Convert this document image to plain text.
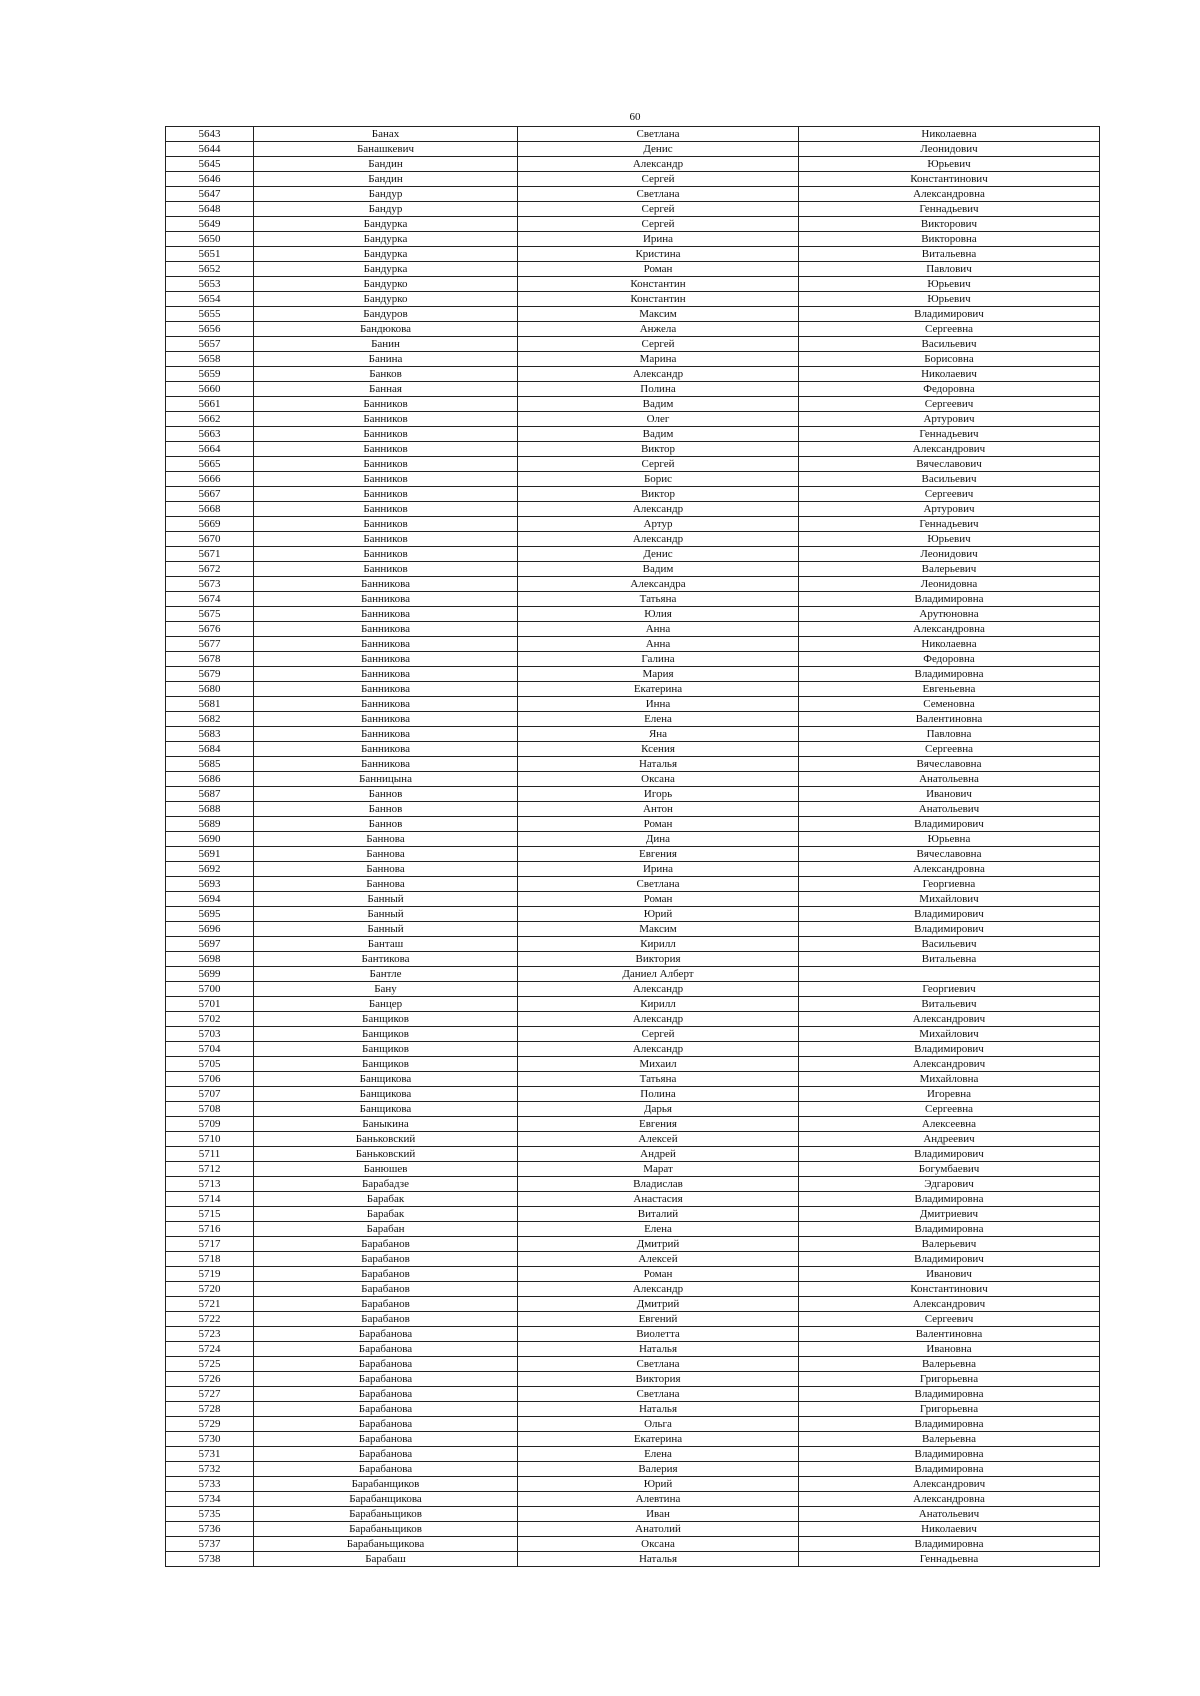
60
5643	Банах	Светлана	Николаевна
5644	Банашкевич	Денис	Леонидович
5645	Бандин	Александр	Юрьевич
5646	Бандин	Сергей	Константинович
5647	Бандур	Светлана	Александровна
5648	Бандур	Сергей	Геннадьевич
5649	Бандурка	Сергей	Викторович
5650	Бандурка	Ирина	Викторовна
5651	Бандурка	Кристина	Витальевна
5652	Бандурка	Роман	Павлович
5653	Бандурко	Константин	Юрьевич
5654	Бандурко	Константин	Юрьевич
5655	Бандуров	Максим	Владимирович
5656	Бандюкова	Анжела	Сергеевна
5657	Банин	Сергей	Васильевич
5658	Банина	Марина	Борисовна
5659	Банков	Александр	Николаевич
5660	Банная	Полина	Федоровна
5661	Банников	Вадим	Сергеевич
5662	Банников	Олег	Артурович
5663	Банников	Вадим	Геннадьевич
5664	Банников	Виктор	Александрович
5665	Банников	Сергей	Вячеславович
5666	Банников	Борис	Васильевич
5667	Банников	Виктор	Сергеевич
5668	Банников	Александр	Артурович
5669	Банников	Артур	Геннадьевич
5670	Банников	Александр	Юрьевич
5671	Банников	Денис	Леонидович
5672	Банников	Вадим	Валерьевич
5673	Банникова	Александра	Леонидовна
5674	Банникова	Татьяна	Владимировна
5675	Банникова	Юлия	Арутюновна
5676	Банникова	Анна	Александровна
5677	Банникова	Анна	Николаевна
5678	Банникова	Галина	Федоровна
5679	Банникова	Мария	Владимировна
5680	Банникова	Екатерина	Евгеньевна
5681	Банникова	Инна	Семеновна
5682	Банникова	Елена	Валентиновна
5683	Банникова	Яна	Павловна
5684	Банникова	Ксения	Сергеевна
5685	Банникова	Наталья	Вячеславовна
5686	Банницына	Оксана	Анатольевна
5687	Баннов	Игорь	Иванович
5688	Баннов	Антон	Анатольевич
5689	Баннов	Роман	Владимирович
5690	Баннова	Дина	Юрьевна
5691	Баннова	Евгения	Вячеславовна
5692	Баннова	Ирина	Александровна
5693	Баннова	Светлана	Георгиевна
5694	Банный	Роман	Михайлович
5695	Банный	Юрий	Владимирович
5696	Банный	Максим	Владимирович
5697	Банташ	Кирилл	Васильевич
5698	Бантикова	Виктория	Витальевна
5699	Бантле	Даниел Алберт	
5700	Бану	Александр	Георгиевич
5701	Банцер	Кирилл	Витальевич
5702	Банщиков	Александр	Александрович
5703	Банщиков	Сергей	Михайлович
5704	Банщиков	Александр	Владимирович
5705	Банщиков	Михаил	Александрович
5706	Банщикова	Татьяна	Михайловна
5707	Банщикова	Полина	Игоревна
5708	Банщикова	Дарья	Сергеевна
5709	Баныкина	Евгения	Алексеевна
5710	Баньковский	Алексей	Андреевич
5711	Баньковский	Андрей	Владимирович
5712	Банюшев	Марат	Богумбаевич
5713	Барабадзе	Владислав	Эдгарович
5714	Барабак	Анастасия	Владимировна
5715	Барабак	Виталий	Дмитриевич
5716	Барабан	Елена	Владимировна
5717	Барабанов	Дмитрий	Валерьевич
5718	Барабанов	Алексей	Владимирович
5719	Барабанов	Роман	Иванович
5720	Барабанов	Александр	Константинович
5721	Барабанов	Дмитрий	Александрович
5722	Барабанов	Евгений	Сергеевич
5723	Барабанова	Виолетта	Валентиновна
5724	Барабанова	Наталья	Ивановна
5725	Барабанова	Светлана	Валерьевна
5726	Барабанова	Виктория	Григорьевна
5727	Барабанова	Светлана	Владимировна
5728	Барабанова	Наталья	Григорьевна
5729	Барабанова	Ольга	Владимировна
5730	Барабанова	Екатерина	Валерьевна
5731	Барабанова	Елена	Владимировна
5732	Барабанова	Валерия	Владимировна
5733	Барабанщиков	Юрий	Александрович
5734	Барабанщикова	Алевтина	Александровна
5735	Барабаньщиков	Иван	Анатольевич
5736	Барабаньщиков	Анатолий	Николаевич
5737	Барабаньщикова	Оксана	Владимировна
5738	Барабаш	Наталья	Геннадьевна
